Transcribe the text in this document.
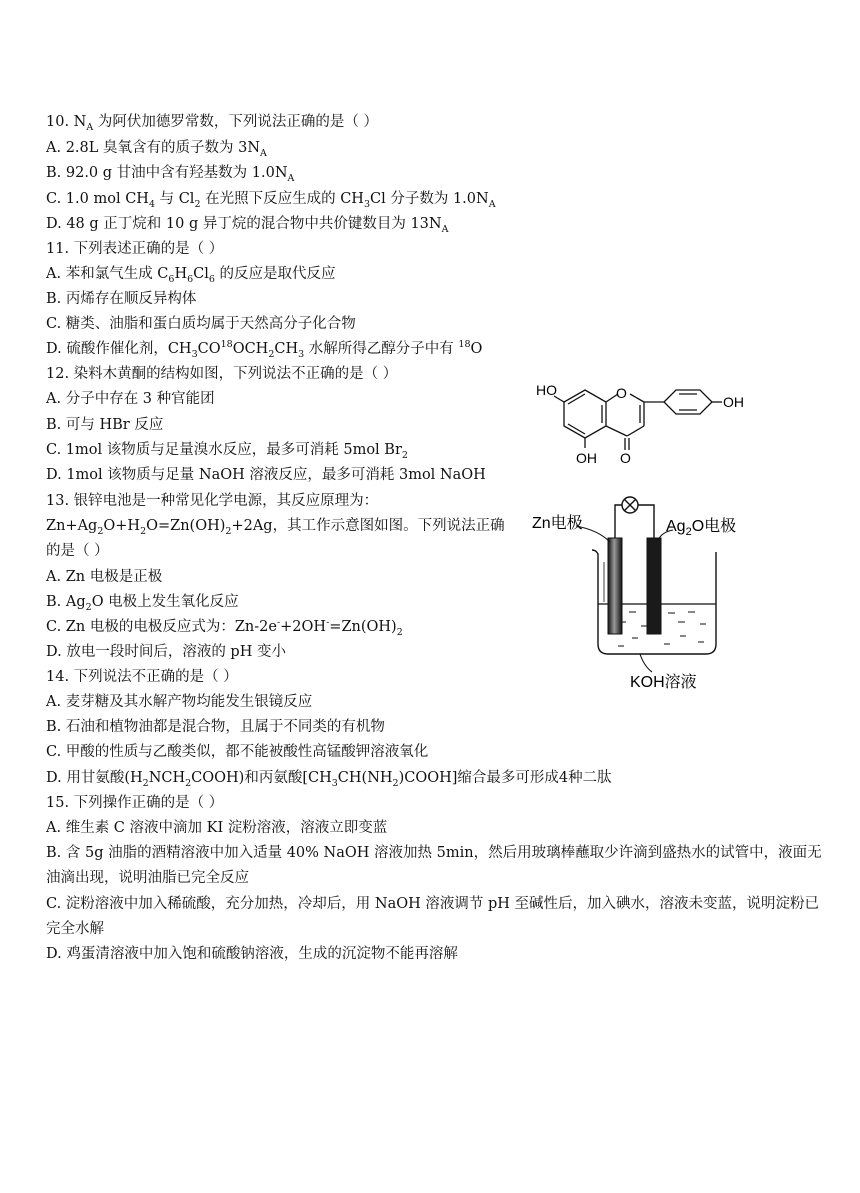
10. $N_A$ 为阿伏加德罗常数，下列说法正确的是（ ）
A. 2.8L 臭氧含有的质子数为 $3N_A$
B. 92.0 g 甘油中含有羟基数为 $1.0N_A$
C. 1.0 mol $CH_4$ 与 $Cl_2$ 在光照下反应生成的 $CH_3Cl$ 分子数为 $1.0N_A$
D. 48 g 正丁烷和 10 g 异丁烷的混合物中共价键数目为 $13N_A$
11. 下列表述正确的是（ ）
A. 苯和氯气生成 $C_6H_6Cl_6$ 的反应是取代反应
B. 丙烯存在顺反异构体
C. 糖类、油脂和蛋白质均属于天然高分子化合物
D. 硫酸作催化剂，$CH_3CO^{18}OCH_2CH_3$ 水解所得乙醇分子中有 $^{18}$O
12. 染料木黄酮的结构如图，下列说法不正确的是（ ）
A. 分子中存在 3 种官能团
B. 可与 HBr 反应
C. 1mol 该物质与足量溴水反应，最多可消耗 5mol $Br_2$
D. 1mol 该物质与足量 NaOH 溶液反应，最多可消耗 3mol NaOH
13. 银锌电池是一种常见化学电源，其反应原理为：
$Zn+Ag_2O+H_2O=Zn(OH)_2+2Ag$，其工作示意图如图。下列说法正确
的是（ ）
A. Zn 电极是正极
B. $Ag_2O$ 电极上发生氧化反应
C. Zn 电极的电极反应式为：$Zn-2e^-+2OH^-=Zn(OH)_2$
D. 放电一段时间后，溶液的 pH 变小
14. 下列说法不正确的是（ ）
A. 麦芽糖及其水解产物均能发生银镜反应
B. 石油和植物油都是混合物，且属于不同类的有机物
C. 甲酸的性质与乙酸类似，都不能被酸性高锰酸钾溶液氧化
D. 用甘氨酸$(H_2NCH_2COOH)$和丙氨酸$[CH_3CH(NH_2)COOH]$缩合最多可形成4种二肽
15. 下列操作正确的是（ ）
A. 维生素 C 溶液中滴加 KI 淀粉溶液，溶液立即变蓝
B. 含 5g 油脂的酒精溶液中加入适量 40% NaOH 溶液加热 5min，然后用玻璃棒蘸取少许滴到盛热水的试管中，液面无油滴出现，说明油脂已完全反应
C. 淀粉溶液中加入稀硫酸，充分加热，冷却后，用 NaOH 溶液调节 pH 至碱性后，加入碘水，溶液未变蓝，说明淀粉已完全水解
D. 鸡蛋清溶液中加入饱和硫酸钠溶液，生成的沉淀物不能再溶解
HO	O
OH
OH O
Zn电极	$Ag_2O$电极
KOH溶液
